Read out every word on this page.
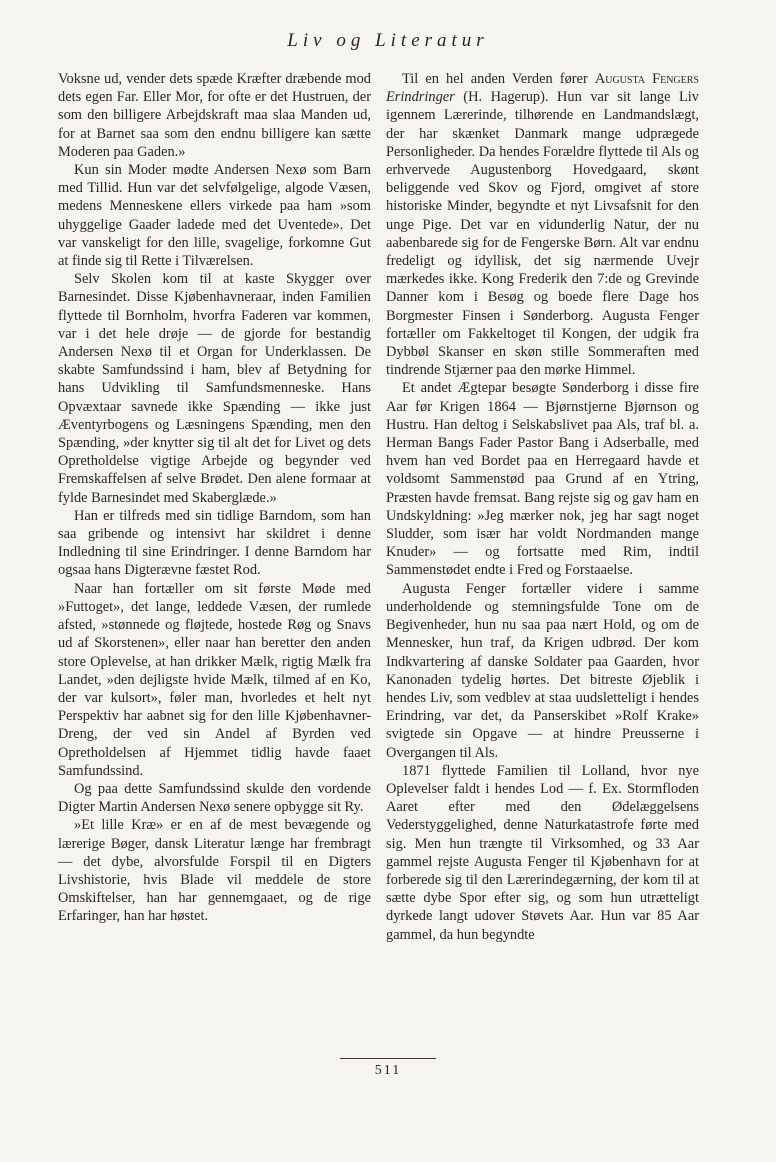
Liv og Literatur

Voksne ud, vender dets spæde Kræfter dræbende mod dets egen Far. Eller Mor, for ofte er det Hustruen, der som den billigere Arbejdskraft maa slaa Manden ud, for at Barnet saa som den endnu billigere kan sætte Moderen paa Gaden.»

Kun sin Moder mødte Andersen Nexø som Barn med Tillid. Hun var det selvfølgelige, algode Væsen, medens Menneskene ellers virkede paa ham »som uhyggelige Gaader ladede med det Uventede». Det var vanskeligt for den lille, svagelige, forkomne Gut at finde sig til Rette i Tilværelsen.

Selv Skolen kom til at kaste Skygger over Barnesindet. Disse Kjøbenhavneraar, inden Familien flyttede til Bornholm, hvorfra Faderen var kommen, var i det hele drøje — de gjorde for bestandig Andersen Nexø til et Organ for Underklassen. De skabte Samfundssind i ham, blev af Betydning for hans Udvikling til Samfundsmenneske. Hans Opvæxtaar savnede ikke Spænding — ikke just Æventyrbogens og Læsningens Spænding, men den Spænding, »der knytter sig til alt det for Livet og dets Opretholdelse vigtige Arbejde og begynder ved Fremskaffelsen af selve Brødet. Den alene formaar at fylde Barnesindet med Skaberglæde.»

Han er tilfreds med sin tidlige Barndom, som han saa gribende og intensivt har skildret i denne Indledning til sine Erindringer. I denne Barndom har ogsaa hans Digterævne fæstet Rod.

Naar han fortæller om sit første Møde med »Futtoget», det lange, leddede Væsen, der rumlede afsted, »stønnede og fløjtede, hostede Røg og Snavs ud af Skorstenen», eller naar han beretter den anden store Oplevelse, at han drikker Mælk, rigtig Mælk fra Landet, »den dejligste hvide Mælk, tilmed af en Ko, der var kulsort», føler man, hvorledes et helt nyt Perspektiv har aabnet sig for den lille Kjøbenhavner-Dreng, der ved sin Andel af Byrden ved Opretholdelsen af Hjemmet tidlig havde faaet Samfundssind.

Og paa dette Samfundssind skulde den vordende Digter Martin Andersen Nexø senere opbygge sit Ry.

»Et lille Kræ» er en af de mest bevægende og lærerige Bøger, dansk Literatur længe har frembragt — det dybe, alvorsfulde Forspil til en Digters Livshistorie, hvis Blade vil meddele de store Omskiftelser, han har gennemgaaet, og de rige Erfaringer, han har høstet.

Til en hel anden Verden fører Augusta Fengers Erindringer (H. Hagerup). Hun var sit lange Liv igennem Lærerinde, tilhørende en Landmandslægt, der har skænket Danmark mange udprægede Personligheder. Da hendes Forældre flyttede til Als og erhvervede Augustenborg Hovedgaard, skønt beliggende ved Skov og Fjord, omgivet af store historiske Minder, begyndte et nyt Livsafsnit for den unge Pige. Det var en vidunderlig Natur, der nu aabenbarede sig for de Fengerske Børn. Alt var endnu fredeligt og idyllisk, det sig nærmende Uvejr mærkedes ikke. Kong Frederik den 7:de og Grevinde Danner kom i Besøg og boede flere Dage hos Borgmester Finsen i Sønderborg. Augusta Fenger fortæller om Fakkeltoget til Kongen, der udgik fra Dybbøl Skanser en skøn stille Sommeraften med tindrende Stjærner paa den mørke Himmel.

Et andet Ægtepar besøgte Sønderborg i disse fire Aar før Krigen 1864 — Bjørnstjerne Bjørnson og Hustru. Han deltog i Selskabslivet paa Als, traf bl. a. Herman Bangs Fader Pastor Bang i Adserballe, med hvem han ved Bordet paa en Herregaard havde et voldsomt Sammenstød paa Grund af en Ytring, Præsten havde fremsat. Bang rejste sig og gav ham en Undskyldning: »Jeg mærker nok, jeg har sagt noget Sludder, som især har voldt Nordmanden mange Knuder» — og fortsatte med Rim, indtil Sammenstødet endte i Fred og Forstaaelse.

Augusta Fenger fortæller videre i samme underholdende og stemningsfulde Tone om de Begivenheder, hun nu saa paa nært Hold, og om de Mennesker, hun traf, da Krigen udbrød. Der kom Indkvartering af danske Soldater paa Gaarden, hvor Kanonaden tydelig hørtes. Det bitreste Øjeblik i hendes Liv, som vedblev at staa uudsletteligt i hendes Erindring, var det, da Panserskibet »Rolf Krake» svigtede sin Opgave — at hindre Preusserne i Overgangen til Als.

1871 flyttede Familien til Lolland, hvor nye Oplevelser faldt i hendes Lod — f. Ex. Stormfloden Aaret efter med den Ødelæggelsens Vederstyggelighed, denne Naturkatastrofe førte med sig. Men hun trængte til Virksomhed, og 33 Aar gammel rejste Augusta Fenger til Kjøbenhavn for at forberede sig til den Lærerindegærning, der kom til at sætte dybe Spor efter sig, og som hun utrætteligt dyrkede langt udover Støvets Aar. Hun var 85 Aar gammel, da hun begyndte

511
